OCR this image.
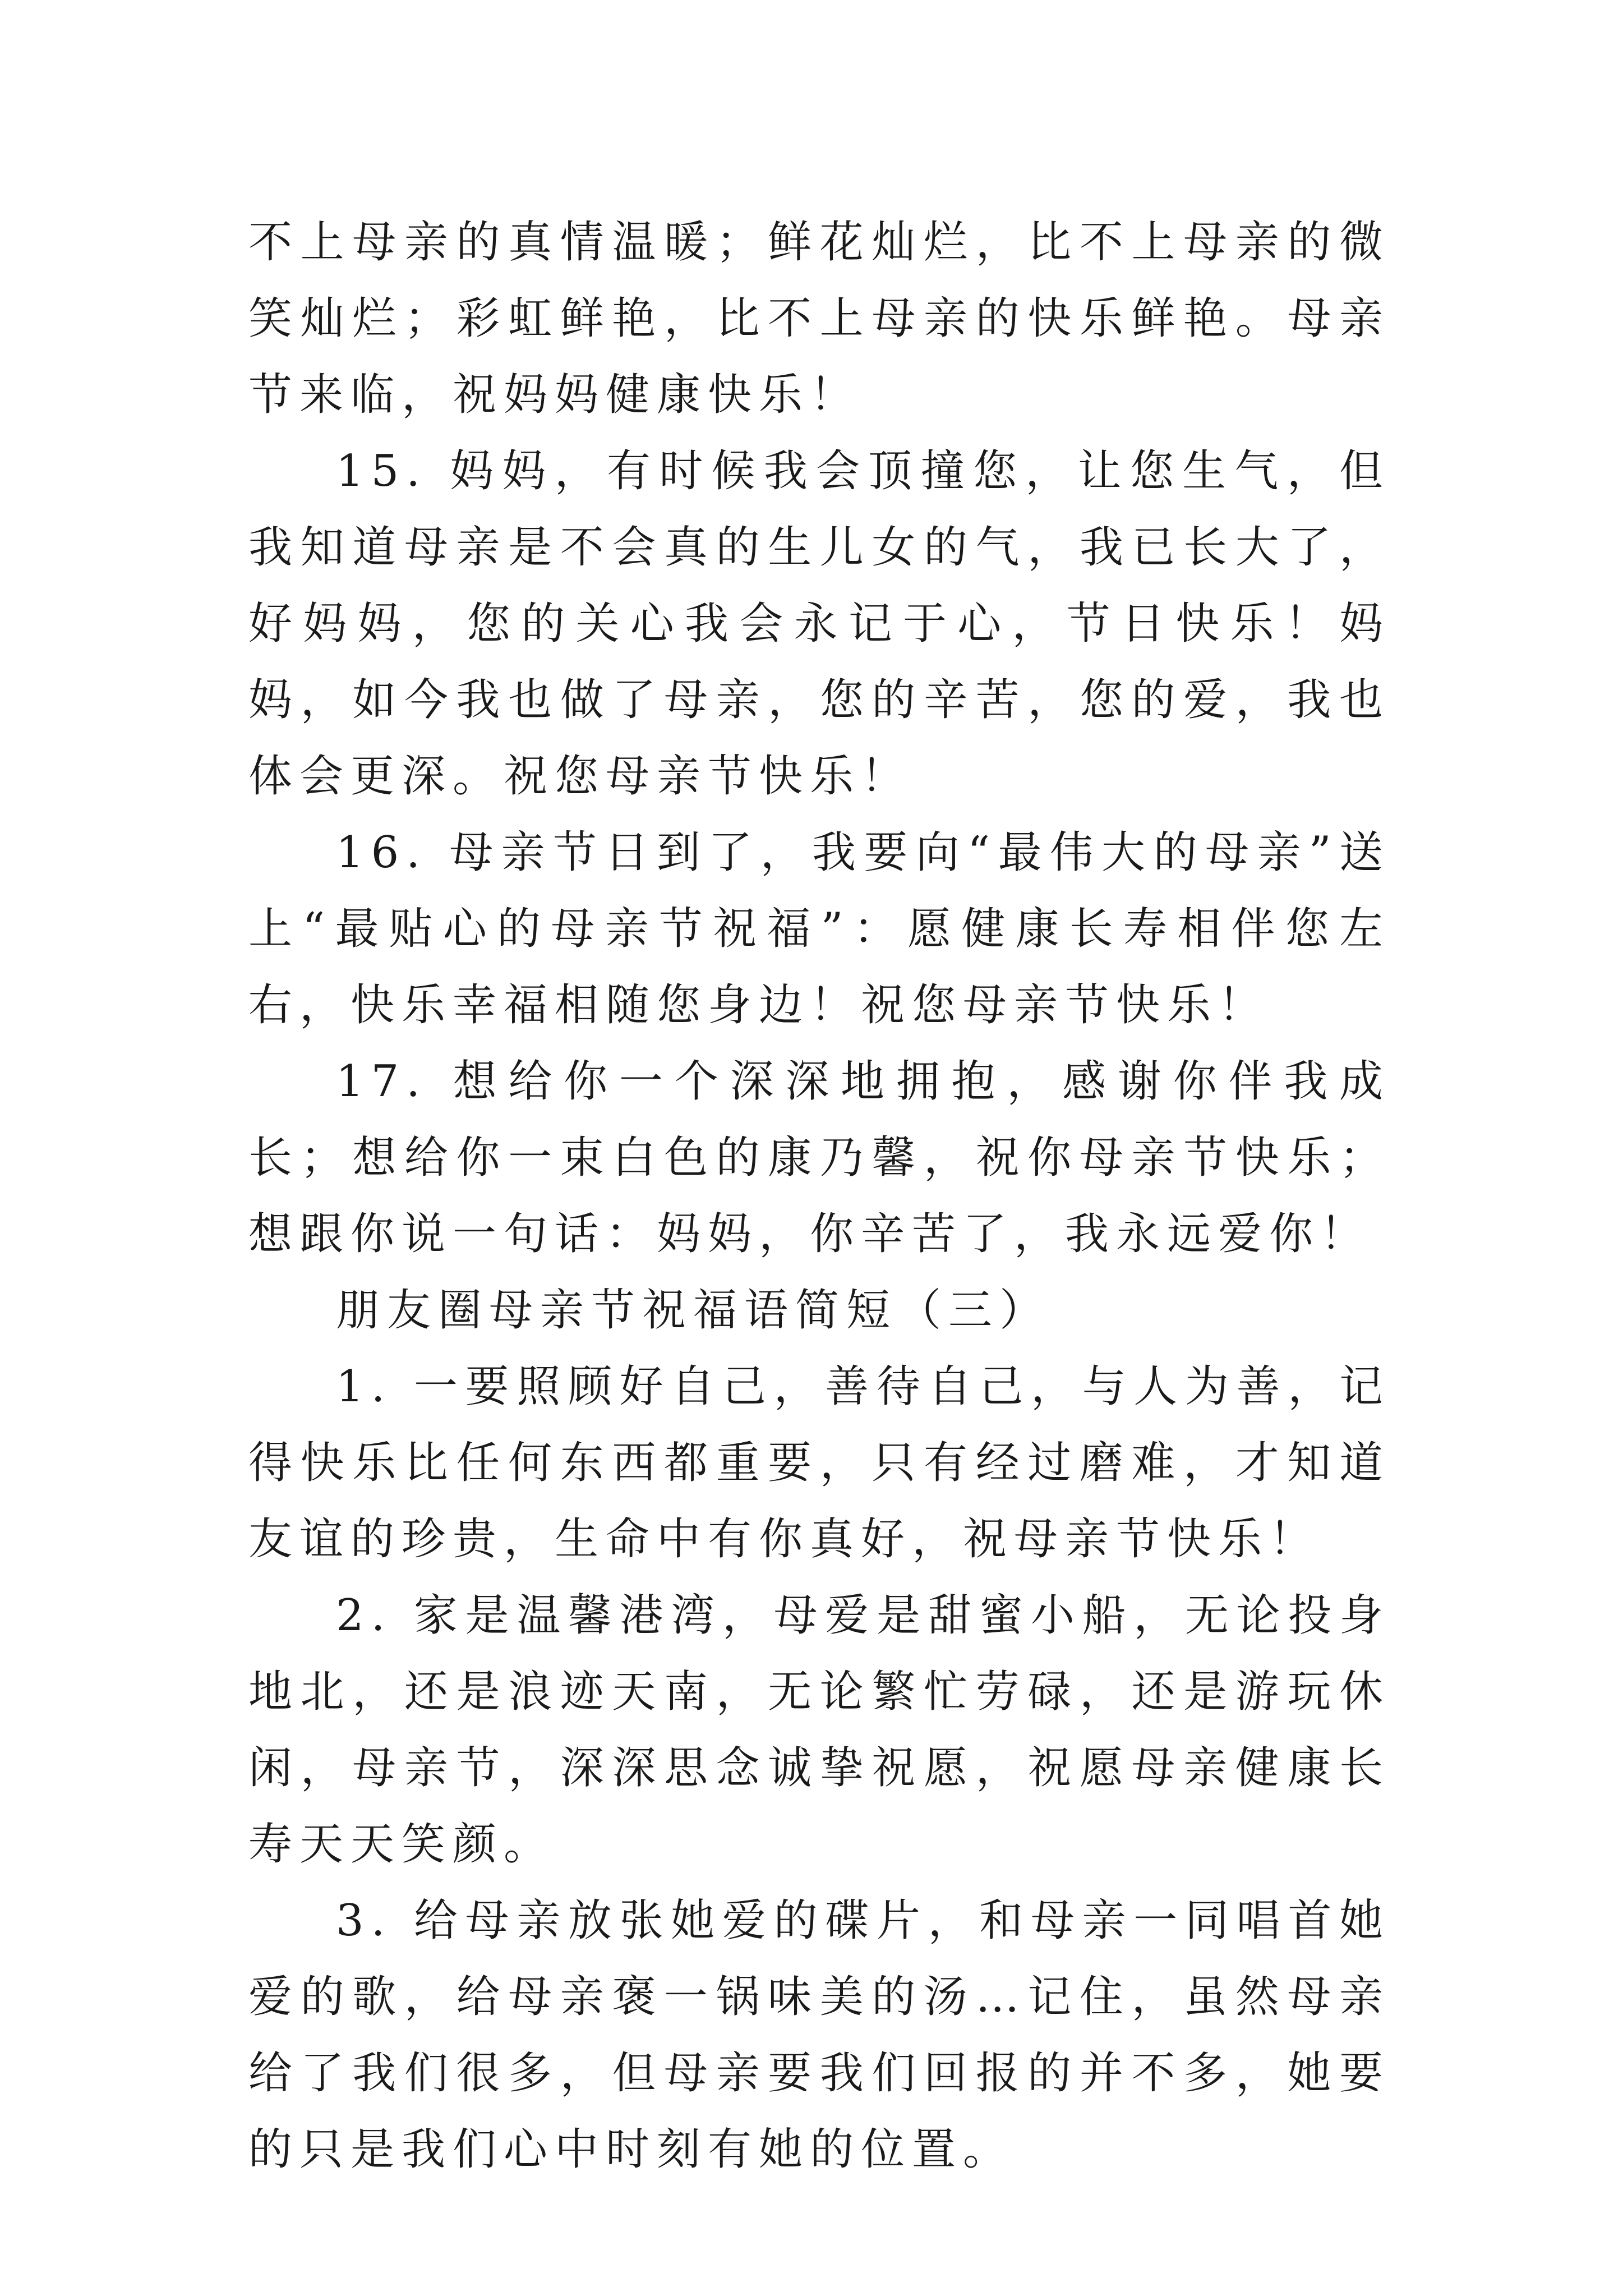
不上母亲的真情温暖；鲜花灿烂，比不上母亲的微笑灿烂；彩虹鲜艳，比不上母亲的快乐鲜艳。母亲节来临，祝妈妈健康快乐！

15. 妈妈，有时候我会顶撞您，让您生气，但我知道母亲是不会真的生儿女的气，我已长大了，好妈妈，您的关心我会永记于心，节日快乐！妈妈，如今我也做了母亲，您的辛苦，您的爱，我也体会更深。祝您母亲节快乐！

16. 母亲节日到了，我要向“最伟大的母亲”送上“最贴心的母亲节祝福”：愿健康长寿相伴您左右，快乐幸福相随您身边！祝您母亲节快乐！

17. 想给你一个深深地拥抱，感谢你伴我成长；想给你一束白色的康乃馨，祝你母亲节快乐；想跟你说一句话：妈妈，你辛苦了，我永远爱你！

朋友圈母亲节祝福语简短（三）

1. 一要照顾好自己，善待自己，与人为善，记得快乐比任何东西都重要，只有经过磨难，才知道友谊的珍贵，生命中有你真好，祝母亲节快乐！

2. 家是温馨港湾，母爱是甜蜜小船，无论投身地北，还是浪迹天南，无论繁忙劳碌，还是游玩休闲，母亲节，深深思念诚挚祝愿，祝愿母亲健康长寿天天笑颜。

3. 给母亲放张她爱的碟片，和母亲一同唱首她爱的歌，给母亲褒一锅味美的汤…记住，虽然母亲给了我们很多，但母亲要我们回报的并不多，她要的只是我们心中时刻有她的位置。
